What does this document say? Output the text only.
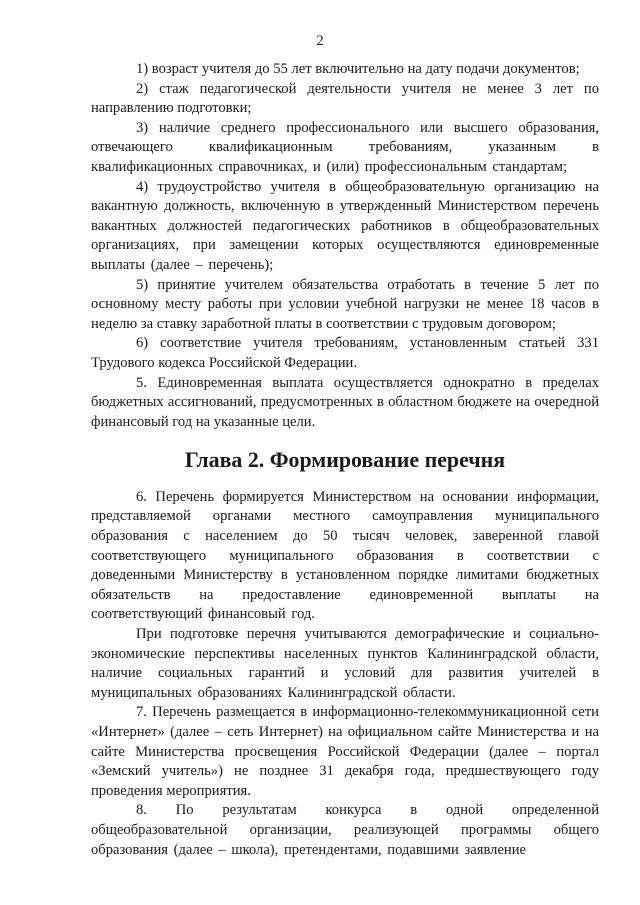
2

1) возраст учителя до 55 лет включительно на дату подачи документов;

2) стаж педагогической деятельности учителя не менее 3 лет по направлению подготовки;

3) наличие среднего профессионального или высшего образования, отвечающего квалификационным требованиям, указанным в квалификационных справочниках, и (или) профессиональным стандартам;

4) трудоустройство учителя в общеобразовательную организацию на вакантную должность, включенную в утвержденный Министерством перечень вакантных должностей педагогических работников в общеобразовательных организациях, при замещении которых осуществляются единовременные выплаты (далее – перечень);

5) принятие учителем обязательства отработать в течение 5 лет по основному месту работы при условии учебной нагрузки не менее 18 часов в неделю за ставку заработной платы в соответствии с трудовым договором;

6) соответствие учителя требованиям, установленным статьей 331 Трудового кодекса Российской Федерации.

5. Единовременная выплата осуществляется однократно в пределах бюджетных ассигнований, предусмотренных в областном бюджете на очередной финансовый год на указанные цели.

Глава 2. Формирование перечня

6. Перечень формируется Министерством на основании информации, представляемой органами местного самоуправления муниципального образования с населением до 50 тысяч человек, заверенной главой соответствующего муниципального образования в соответствии с доведенными Министерству в установленном порядке лимитами бюджетных обязательств на предоставление единовременной выплаты на соответствующий финансовый год.

При подготовке перечня учитываются демографические и социально-экономические перспективы населенных пунктов Калининградской области, наличие социальных гарантий и условий для развития учителей в муниципальных образованиях Калининградской области.

7. Перечень размещается в информационно-телекоммуникационной сети «Интернет» (далее – сеть Интернет) на официальном сайте Министерства и на сайте Министерства просвещения Российской Федерации (далее – портал «Земский учитель») не позднее 31 декабря года, предшествующего году проведения мероприятия.

8. По результатам конкурса в одной определенной общеобразовательной организации, реализующей программы общего образования (далее – школа), претендентами, подавшими заявление
